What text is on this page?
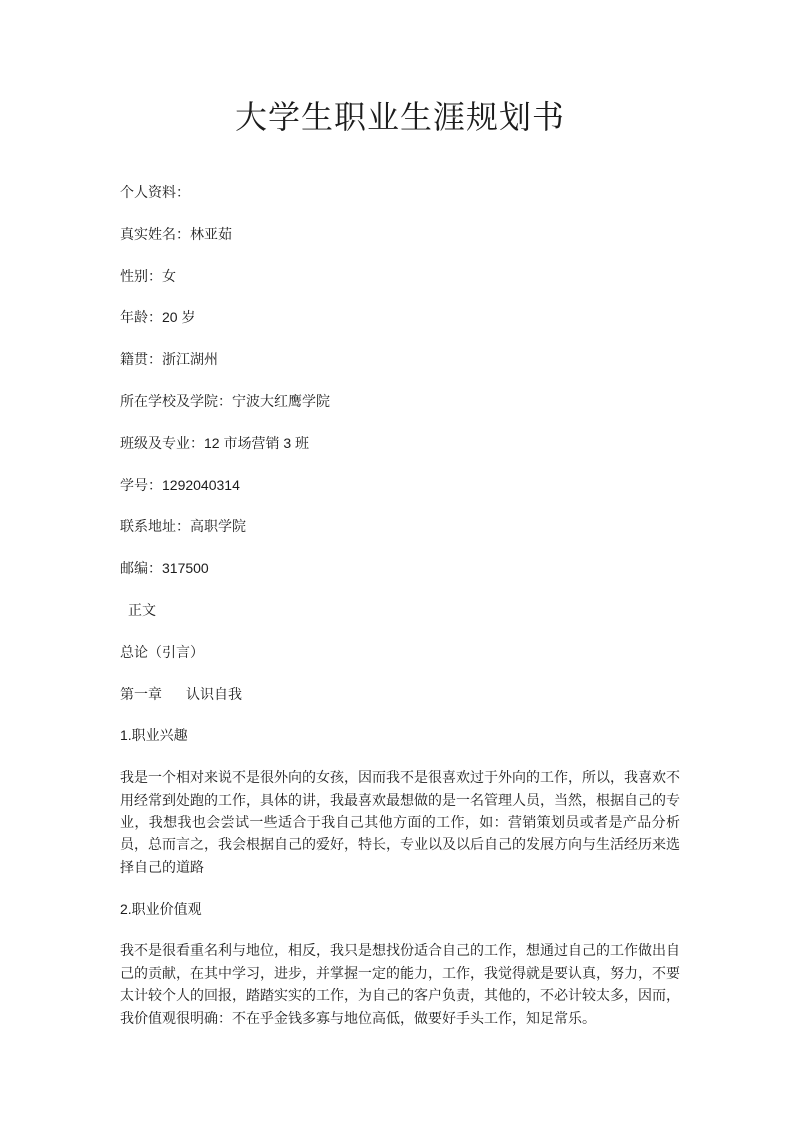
大学生职业生涯规划书

个人资料：

真实姓名：林亚茹

性别：女

年龄：20 岁

籍贯：浙江湖州

所在学校及学院：宁波大红鹰学院

班级及专业：12 市场营销 3 班

学号：1292040314

联系地址：高职学院

邮编：317500

正文

总论（引言）

第一章 认识自我

1.职业兴趣

我是一个相对来说不是很外向的女孩，因而我不是很喜欢过于外向的工作，所以，我喜欢不用经常到处跑的工作，具体的讲，我最喜欢最想做的是一名管理人员，当然，根据自己的专业，我想我也会尝试一些适合于我自己其他方面的工作，如：营销策划员或者是产品分析员，总而言之，我会根据自己的爱好，特长，专业以及以后自己的发展方向与生活经历来选择自己的道路

2.职业价值观

我不是很看重名利与地位，相反，我只是想找份适合自己的工作，想通过自己的工作做出自己的贡献，在其中学习，进步，并掌握一定的能力，工作，我觉得就是要认真，努力，不要太计较个人的回报，踏踏实实的工作，为自己的客户负责，其他的，不必计较太多，因而，我价值观很明确：不在乎金钱多寡与地位高低，做要好手头工作，知足常乐。
